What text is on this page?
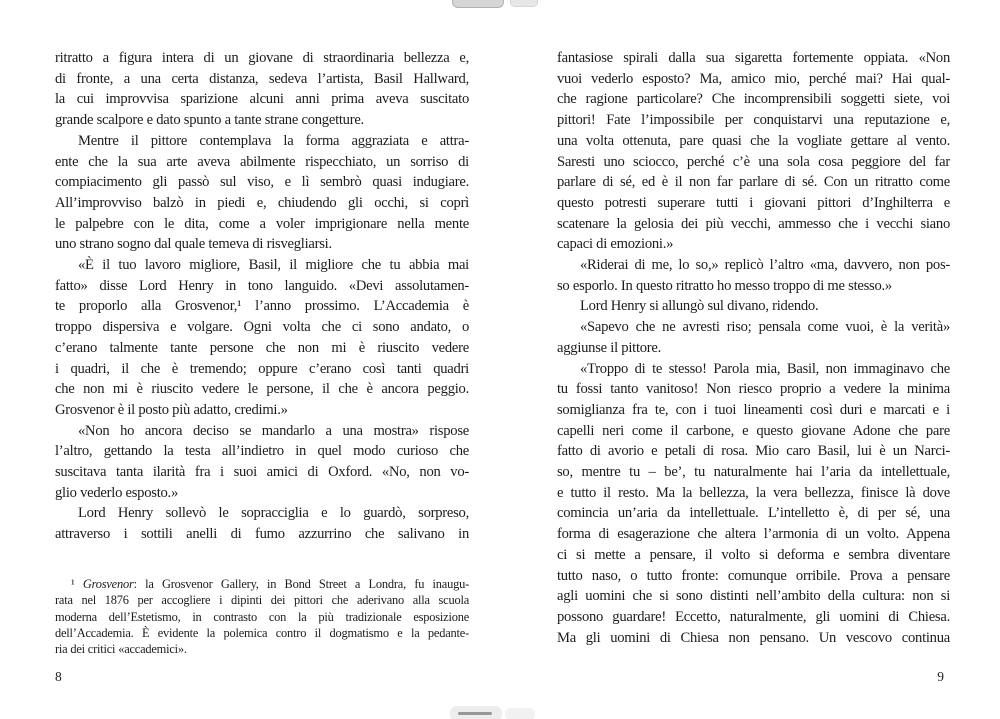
ritratto a figura intera di un giovane di straordinaria bellezza e,
di fronte, a una certa distanza, sedeva l’artista, Basil Hallward,
la cui improvvisa sparizione alcuni anni prima aveva suscitato
grande scalpore e dato spunto a tante strane congetture.
Mentre il pittore contemplava la forma aggraziata e attra-
ente che la sua arte aveva abilmente rispecchiato, un sorriso di
compiacimento gli passò sul viso, e lì sembrò quasi indugiare.
All’improvviso balzò in piedi e, chiudendo gli occhi, si coprì
le palpebre con le dita, come a voler imprigionare nella mente
uno strano sogno dal quale temeva di risvegliarsi.
«È il tuo lavoro migliore, Basil, il migliore che tu abbia mai
fatto» disse Lord Henry in tono languido. «Devi assolutamen-
te proporlo alla Grosvenor,¹ l’anno prossimo. L’Accademia è
troppo dispersiva e volgare. Ogni volta che ci sono andato, o
c’erano talmente tante persone che non mi è riuscito vedere
i quadri, il che è tremendo; oppure c’erano così tanti quadri
che non mi è riuscito vedere le persone, il che è ancora peggio.
Grosvenor è il posto più adatto, credimi.»
«Non ho ancora deciso se mandarlo a una mostra» rispose
l’altro, gettando la testa all’indietro in quel modo curioso che
suscitava tanta ilarità fra i suoi amici di Oxford. «No, non vo-
glio vederlo esposto.»
Lord Henry sollevò le sopracciglia e lo guardò, sorpreso,
attraverso i sottili anelli di fumo azzurrino che salivano in
¹ Grosvenor: la Grosvenor Gallery, in Bond Street a Londra, fu inaugu-
rata nel 1876 per accogliere i dipinti dei pittori che aderivano alla scuola
moderna dell’Estetismo, in contrasto con la più tradizionale esposizione
dell’Accademia. È evidente la polemica contro il dogmatismo e la pedante-
ria dei critici «accademici».
8
fantasiose spirali dalla sua sigaretta fortemente oppiata. «Non
vuoi vederlo esposto? Ma, amico mio, perché mai? Hai qual-
che ragione particolare? Che incomprensibili soggetti siete, voi
pittori! Fate l’impossibile per conquistarvi una reputazione e,
una volta ottenuta, pare quasi che la vogliate gettare al vento.
Saresti uno sciocco, perché c’è una sola cosa peggiore del far
parlare di sé, ed è il non far parlare di sé. Con un ritratto come
questo potresti superare tutti i giovani pittori d’Inghilterra e
scatenare la gelosia dei più vecchi, ammesso che i vecchi siano
capaci di emozioni.»
«Riderai di me, lo so,» replicò l’altro «ma, davvero, non pos-
so esporlo. In questo ritratto ho messo troppo di me stesso.»
Lord Henry si allungò sul divano, ridendo.
«Sapevo che ne avresti riso; pensala come vuoi, è la verità»
aggiunse il pittore.
«Troppo di te stesso! Parola mia, Basil, non immaginavo che
tu fossi tanto vanitoso! Non riesco proprio a vedere la minima
somiglianza fra te, con i tuoi lineamenti così duri e marcati e i
capelli neri come il carbone, e questo giovane Adone che pare
fatto di avorio e petali di rosa. Mio caro Basil, lui è un Narci-
so, mentre tu – be’, tu naturalmente hai l’aria da intellettuale,
e tutto il resto. Ma la bellezza, la vera bellezza, finisce là dove
comincia un’aria da intellettuale. L’intelletto è, di per sé, una
forma di esagerazione che altera l’armonia di un volto. Appena
ci si mette a pensare, il volto si deforma e sembra diventare
tutto naso, o tutto fronte: comunque orribile. Prova a pensare
agli uomini che si sono distinti nell’ambito della cultura: non si
possono guardare! Eccetto, naturalmente, gli uomini di Chiesa.
Ma gli uomini di Chiesa non pensano. Un vescovo continua
9
